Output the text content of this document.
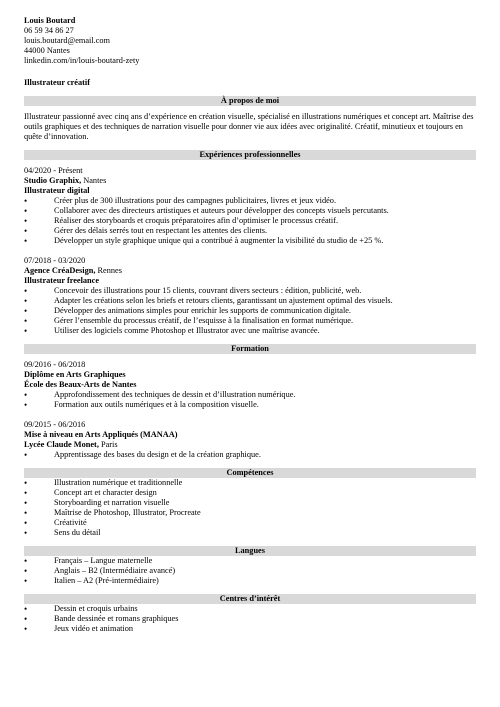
Louis Boutard
06 59 34 86 27
louis.boutard@email.com
44000 Nantes
linkedin.com/in/louis-boutard-zety
Illustrateur créatif
À propos de moi
Illustrateur passionné avec cinq ans d’expérience en création visuelle, spécialisé en illustrations numériques et concept art. Maîtrise des outils graphiques et des techniques de narration visuelle pour donner vie aux idées avec originalité. Créatif, minutieux et toujours en quête d’innovation.
Expériences professionnelles
04/2020 - Présent
Studio Graphix, Nantes
Illustrateur digital
•	Créer plus de 300 illustrations pour des campagnes publicitaires, livres et jeux vidéo.
•	Collaborer avec des directeurs artistiques et auteurs pour développer des concepts visuels percutants.
•	Réaliser des storyboards et croquis préparatoires afin d’optimiser le processus créatif.
•	Gérer des délais serrés tout en respectant les attentes des clients.
•	Développer un style graphique unique qui a contribué à augmenter la visibilité du studio de +25 %.
07/2018 - 03/2020
Agence CréaDesign, Rennes
Illustrateur freelance
•	Concevoir des illustrations pour 15 clients, couvrant divers secteurs : édition, publicité, web.
•	Adapter les créations selon les briefs et retours clients, garantissant un ajustement optimal des visuels.
•	Développer des animations simples pour enrichir les supports de communication digitale.
•	Gérer l’ensemble du processus créatif, de l’esquisse à la finalisation en format numérique.
•	Utiliser des logiciels comme Photoshop et Illustrator avec une maîtrise avancée.
Formation
09/2016 - 06/2018
Diplôme en Arts Graphiques
École des Beaux-Arts de Nantes
•	Approfondissement des techniques de dessin et d’illustration numérique.
•	Formation aux outils numériques et à la composition visuelle.
09/2015 - 06/2016
Mise à niveau en Arts Appliqués (MANAA)
Lycée Claude Monet, Paris
•	Apprentissage des bases du design et de la création graphique.
Compétences
•	Illustration numérique et traditionnelle
•	Concept art et character design
•	Storyboarding et narration visuelle
•	Maîtrise de Photoshop, Illustrator, Procreate
•	Créativité
•	Sens du détail
Langues
•	Français – Langue maternelle
•	Anglais – B2 (Intermédiaire avancé)
•	Italien – A2 (Pré-intermédiaire)
Centres d’intérêt
•	Dessin et croquis urbains
•	Bande dessinée et romans graphiques
•	Jeux vidéo et animation
